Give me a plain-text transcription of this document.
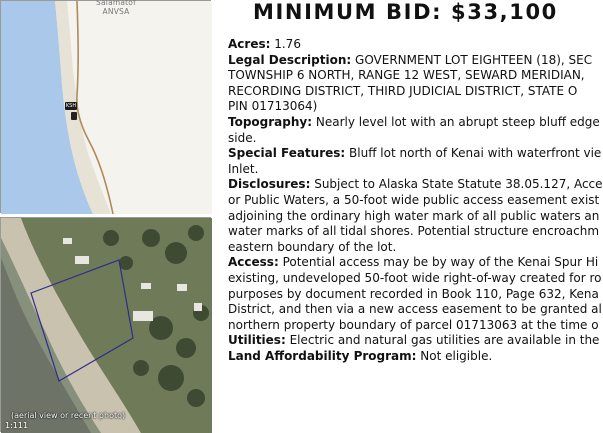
Salamatof
ANVSA
KSH
(aerial view or recent photo)
1:111
MINIMUM BID: $33,100
Acres: 1.76
Legal Description: GOVERNMENT LOT EIGHTEEN (18), SEC
TOWNSHIP 6 NORTH, RANGE 12 WEST, SEWARD MERIDIAN,
RECORDING DISTRICT, THIRD JUDICIAL DISTRICT, STATE O
PIN 01713064)
Topography: Nearly level lot with an abrupt steep bluff edge
side.
Special Features: Bluff lot north of Kenai with waterfront vie
Inlet.
Disclosures: Subject to Alaska State Statute 38.05.127, Acce
or Public Waters, a 50-foot wide public access easement exist
adjoining the ordinary high water mark of all public waters an
water marks of all tidal shores. Potential structure encroachm
eastern boundary of the lot.
Access: Potential access may be by way of the Kenai Spur Hi
existing, undeveloped 50-foot wide right-of-way created for ro
purposes by document recorded in Book 110, Page 632, Kena
District, and then via a new access easement to be granted al
northern property boundary of parcel 01713063 at the time o
Utilities: Electric and natural gas utilities are available in the
Land Affordability Program: Not eligible.
